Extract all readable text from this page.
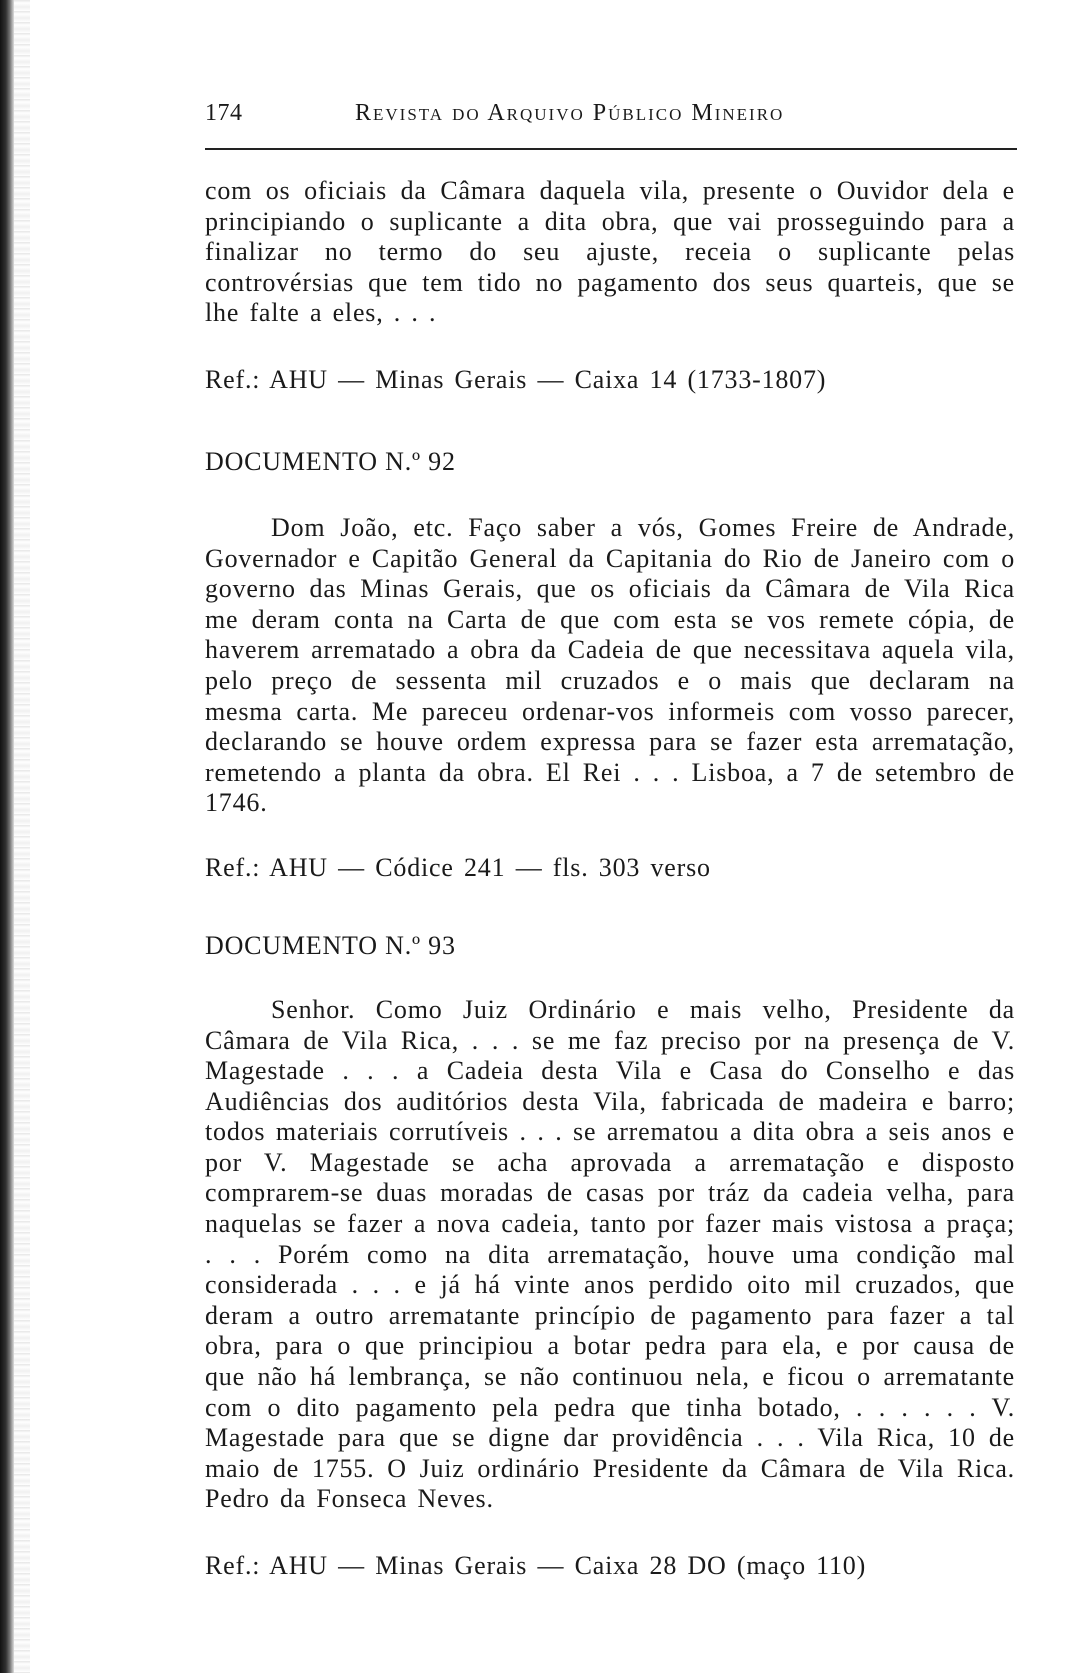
174	Revista do Arquivo Público Mineiro

com os oficiais da Câmara daquela vila, presente o Ouvidor dela e principiando o suplicante a dita obra, que vai prosseguindo para a finalizar no termo do seu ajuste, receia o suplicante pelas controvérsias que tem tido no pagamento dos seus quarteis, que se lhe falte a eles, . . .

Ref.: AHU — Minas Gerais — Caixa 14 (1733-1807)
DOCUMENTO N.º 92

Dom João, etc. Faço saber a vós, Gomes Freire de Andrade, Governador e Capitão General da Capitania do Rio de Janeiro com o governo das Minas Gerais, que os oficiais da Câmara de Vila Rica me deram conta na Carta de que com esta se vos remete cópia, de haverem arrematado a obra da Cadeia de que necessitava aquela vila, pelo preço de sessenta mil cruzados e o mais que declaram na mesma carta. Me pareceu ordenar-vos informeis com vosso parecer, declarando se houve ordem expressa para se fazer esta arrematação, remetendo a planta da obra. El Rei . . . Lisboa, a 7 de setembro de 1746.

Ref.: AHU — Códice 241 — fls. 303 verso
DOCUMENTO N.º 93

Senhor. Como Juiz Ordinário e mais velho, Presidente da Câmara de Vila Rica, . . . se me faz preciso por na presença de V. Magestade . . . a Cadeia desta Vila e Casa do Conselho e das Audiências dos auditórios desta Vila, fabricada de madeira e barro; todos materiais corrutíveis . . . se arrematou a dita obra a seis anos e por V. Magestade se acha aprovada a arrematação e disposto comprarem-se duas moradas de casas por tráz da cadeia velha, para naquelas se fazer a nova cadeia, tanto por fazer mais vistosa a praça; . . . Porém como na dita arrematação, houve uma condição mal considerada . . . e já há vinte anos perdido oito mil cruzados, que deram a outro arrematante princípio de pagamento para fazer a tal obra, para o que principiou a botar pedra para ela, e por causa de que não há lembrança, se não continuou nela, e ficou o arrematante com o dito pagamento pela pedra que tinha botado, . . . . . . V. Magestade para que se digne dar providência . . . Vila Rica, 10 de maio de 1755. O Juiz ordinário Presidente da Câmara de Vila Rica. Pedro da Fonseca Neves.

Ref.: AHU — Minas Gerais — Caixa 28 DO (maço 110)
